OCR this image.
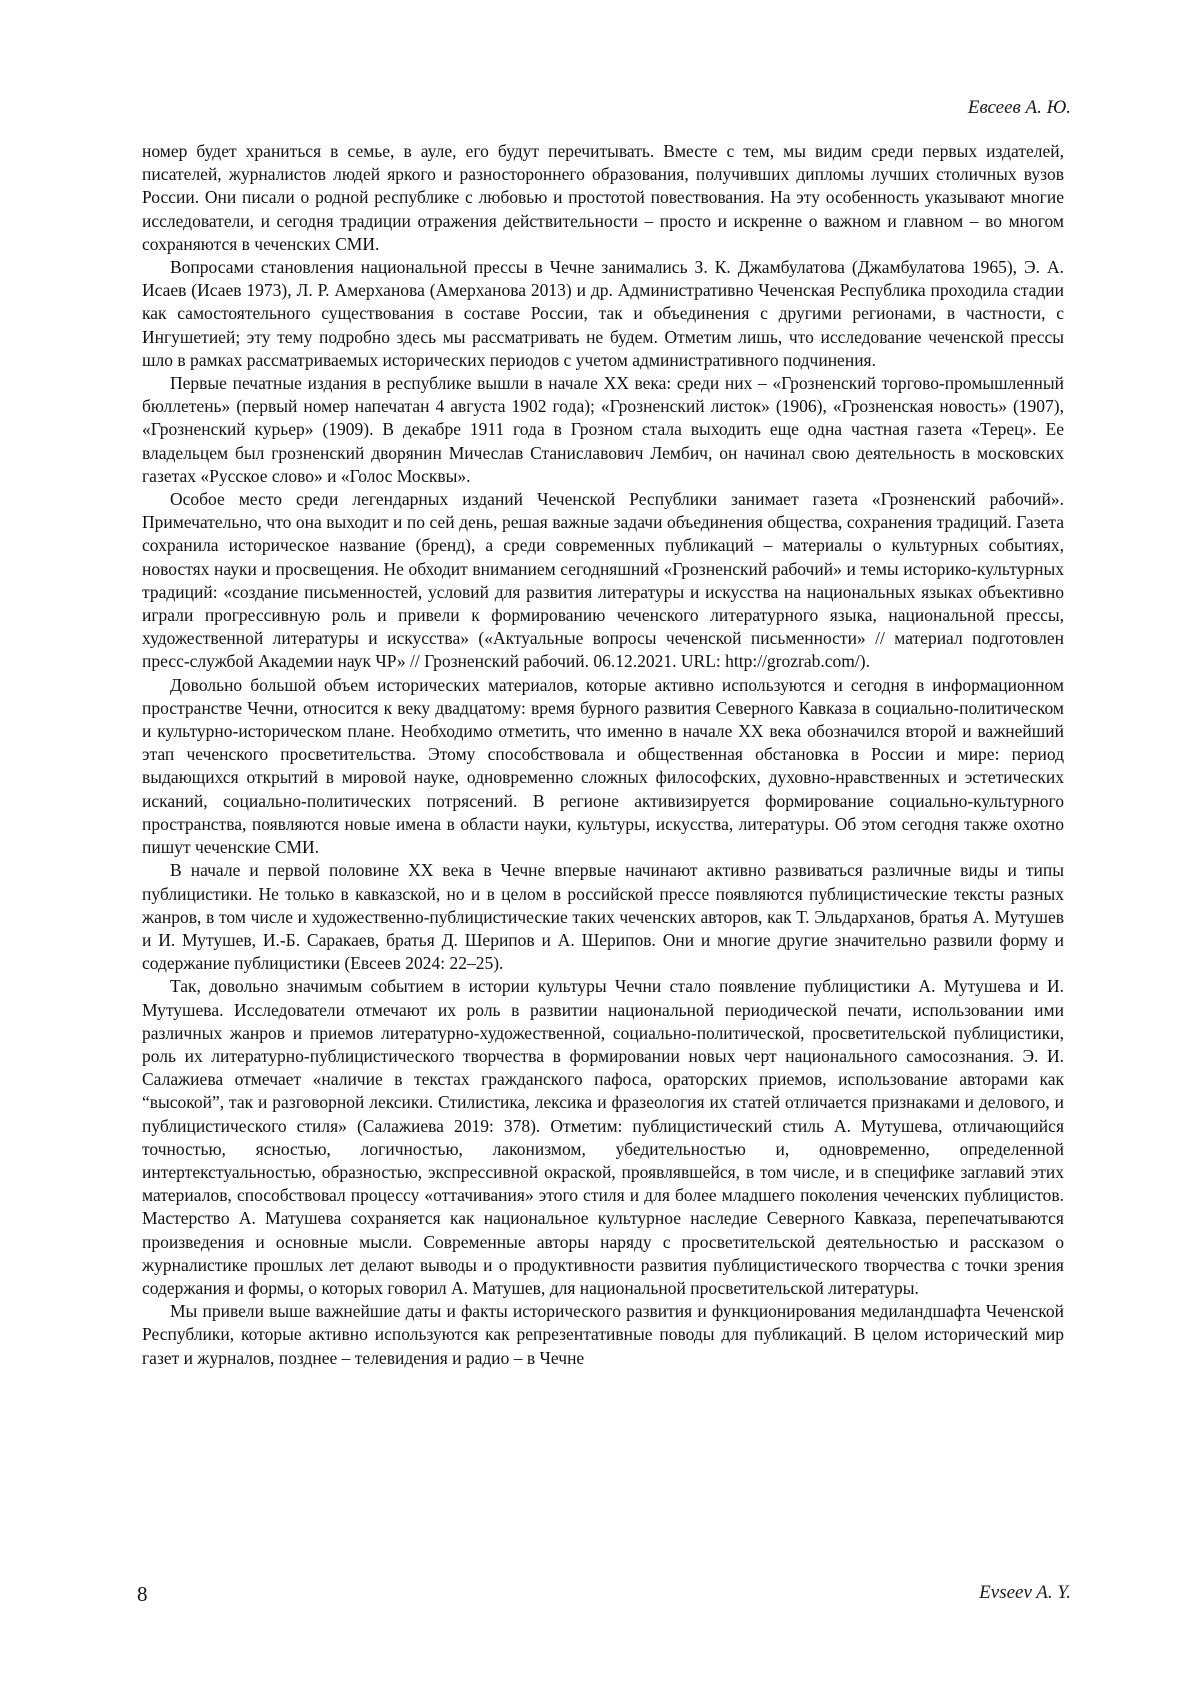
Евсеев А. Ю.

номер будет храниться в семье, в ауле, его будут перечитывать. Вместе с тем, мы видим среди первых издателей, писателей, журналистов людей яркого и разностороннего образования, получивших дипломы лучших столичных вузов России. Они писали о родной республике с любовью и простотой повествования. На эту особенность указывают многие исследователи, и сегодня традиции отражения действительности – просто и искренне о важном и главном – во многом сохраняются в чеченских СМИ.

Вопросами становления национальной прессы в Чечне занимались З. К. Джамбулатова (Джамбулатова 1965), Э. А. Исаев (Исаев 1973), Л. Р. Амерханова (Амерханова 2013) и др. Административно Чеченская Республика проходила стадии как самостоятельного существования в составе России, так и объединения с другими регионами, в частности, с Ингушетией; эту тему подробно здесь мы рассматривать не будем. Отметим лишь, что исследование чеченской прессы шло в рамках рассматриваемых исторических периодов с учетом административного подчинения.

Первые печатные издания в республике вышли в начале XX века: среди них – «Грозненский торгово-промышленный бюллетень» (первый номер напечатан 4 августа 1902 года); «Грозненский листок» (1906), «Грозненская новость» (1907), «Грозненский курьер» (1909). В декабре 1911 года в Грозном стала выходить еще одна частная газета «Терец». Ее владельцем был грозненский дворянин Мичеслав Станиславович Лембич, он начинал свою деятельность в московских газетах «Русское слово» и «Голос Москвы».

Особое место среди легендарных изданий Чеченской Республики занимает газета «Грозненский рабочий». Примечательно, что она выходит и по сей день, решая важные задачи объединения общества, сохранения традиций. Газета сохранила историческое название (бренд), а среди современных публикаций – материалы о культурных событиях, новостях науки и просвещения. Не обходит вниманием сегодняшний «Грозненский рабочий» и темы историко-культурных традиций: «создание письменностей, условий для развития литературы и искусства на национальных языках объективно играли прогрессивную роль и привели к формированию чеченского литературного языка, национальной прессы, художественной литературы и искусства» («Актуальные вопросы чеченской письменности» // материал подготовлен пресс-службой Академии наук ЧР» // Грозненский рабочий. 06.12.2021. URL: http://grozrab.com/).

Довольно большой объем исторических материалов, которые активно используются и сегодня в информационном пространстве Чечни, относится к веку двадцатому: время бурного развития Северного Кавказа в социально-политическом и культурно-историческом плане. Необходимо отметить, что именно в начале XX века обозначился второй и важнейший этап чеченского просветительства. Этому способствовала и общественная обстановка в России и мире: период выдающихся открытий в мировой науке, одновременно сложных философских, духовно-нравственных и эстетических исканий, социально-политических потрясений. В регионе активизируется формирование социально-культурного пространства, появляются новые имена в области науки, культуры, искусства, литературы. Об этом сегодня также охотно пишут чеченские СМИ.

В начале и первой половине XX века в Чечне впервые начинают активно развиваться различные виды и типы публицистики. Не только в кавказской, но и в целом в российской прессе появляются публицистические тексты разных жанров, в том числе и художественно-публицистические таких чеченских авторов, как Т. Эльдарханов, братья А. Мутушев и И. Мутушев, И.-Б. Саракаев, братья Д. Шерипов и А. Шерипов. Они и многие другие значительно развили форму и содержание публицистики (Евсеев 2024: 22–25).

Так, довольно значимым событием в истории культуры Чечни стало появление публицистики А. Мутушева и И. Мутушева. Исследователи отмечают их роль в развитии национальной периодической печати, использовании ими различных жанров и приемов литературно-художественной, социально-политической, просветительской публицистики, роль их литературно-публицистического творчества в формировании новых черт национального самосознания. Э. И. Салажиева отмечает «наличие в текстах гражданского пафоса, ораторских приемов, использование авторами как “высокой”, так и разговорной лексики. Стилистика, лексика и фразеология их статей отличается признаками и делового, и публицистического стиля» (Салажиева 2019: 378). Отметим: публицистический стиль А. Мутушева, отличающийся точностью, ясностью, логичностью, лаконизмом, убедительностью и, одновременно, определенной интертекстуальностью, образностью, экспрессивной окраской, проявлявшейся, в том числе, и в специфике заглавий этих материалов, способствовал процессу «оттачивания» этого стиля и для более младшего поколения чеченских публицистов. Мастерство А. Матушева сохраняется как национальное культурное наследие Северного Кавказа, перепечатываются произведения и основные мысли. Современные авторы наряду с просветительской деятельностью и рассказом о журналистике прошлых лет делают выводы и о продуктивности развития публицистического творчества с точки зрения содержания и формы, о которых говорил А. Матушев, для национальной просветительской литературы.

Мы привели выше важнейшие даты и факты исторического развития и функционирования медиландшафта Чеченской Республики, которые активно используются как репрезентативные поводы для публикаций. В целом исторический мир газет и журналов, позднее – телевидения и радио – в Чечне

8	Evseev A. Y.
